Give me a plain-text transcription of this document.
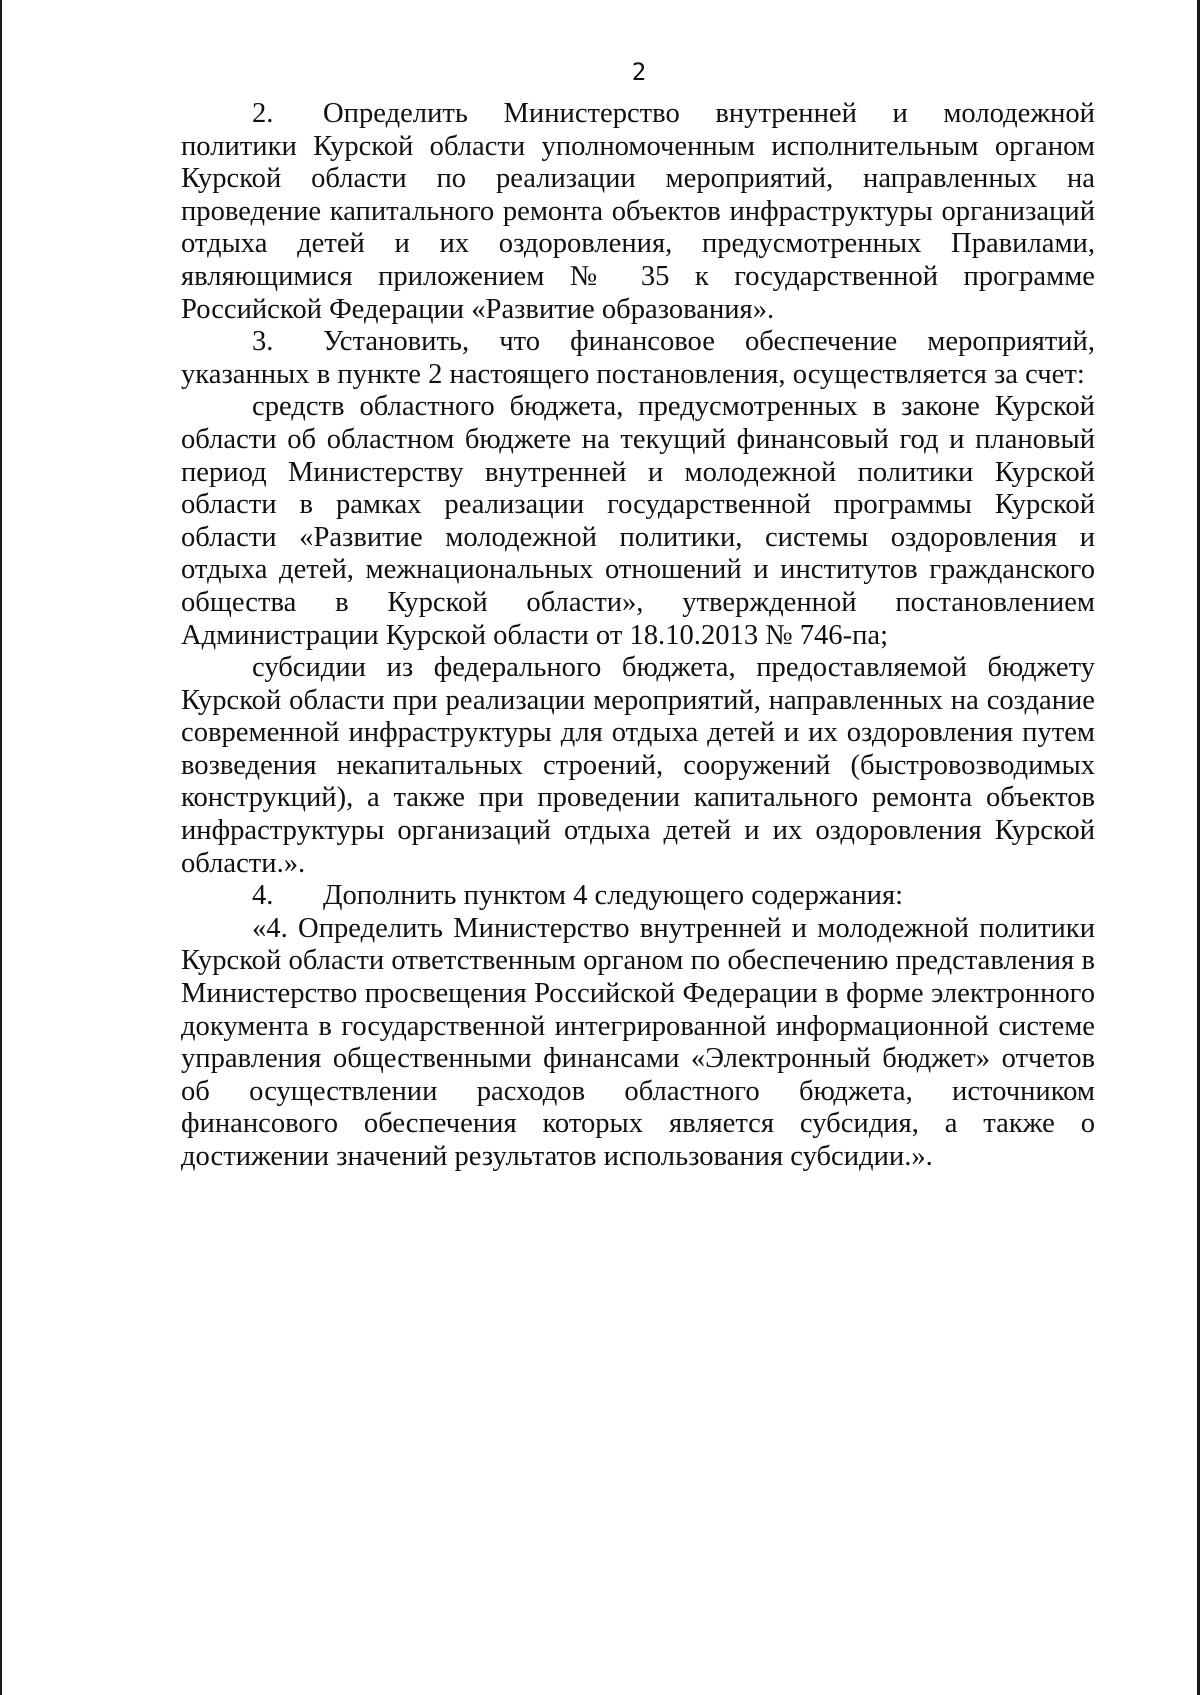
2

2. Определить Министерство внутренней и молодежной политики Курской области уполномоченным исполнительным органом Курской области по реализации мероприятий, направленных на проведение капитального ремонта объектов инфраструктуры организаций отдыха детей и их оздоровления, предусмотренных Правилами, являющимися приложением № 35 к государственной программе Российской Федерации «Развитие образования».

3. Установить, что финансовое обеспечение мероприятий, указанных в пункте 2 настоящего постановления, осуществляется за счет:

средств областного бюджета, предусмотренных в законе Курской области об областном бюджете на текущий финансовый год и плановый период Министерству внутренней и молодежной политики Курской области в рамках реализации государственной программы Курской области «Развитие молодежной политики, системы оздоровления и отдыха детей, межнациональных отношений и институтов гражданского общества в Курской области», утвержденной постановлением Администрации Курской области от 18.10.2013 № 746-па;

субсидии из федерального бюджета, предоставляемой бюджету Курской области при реализации мероприятий, направленных на создание современной инфраструктуры для отдыха детей и их оздоровления путем возведения некапитальных строений, сооружений (быстровозводимых конструкций), а также при проведении капитального ремонта объектов инфраструктуры организаций отдыха детей и их оздоровления Курской области.».

4. Дополнить пунктом 4 следующего содержания:

«4. Определить Министерство внутренней и молодежной политики Курской области ответственным органом по обеспечению представления в Министерство просвещения Российской Федерации в форме электронного документа в государственной интегрированной информационной системе управления общественными финансами «Электронный бюджет» отчетов об осуществлении расходов областного бюджета, источником финансового обеспечения которых является субсидия, а также о достижении значений результатов использования субсидии.».
